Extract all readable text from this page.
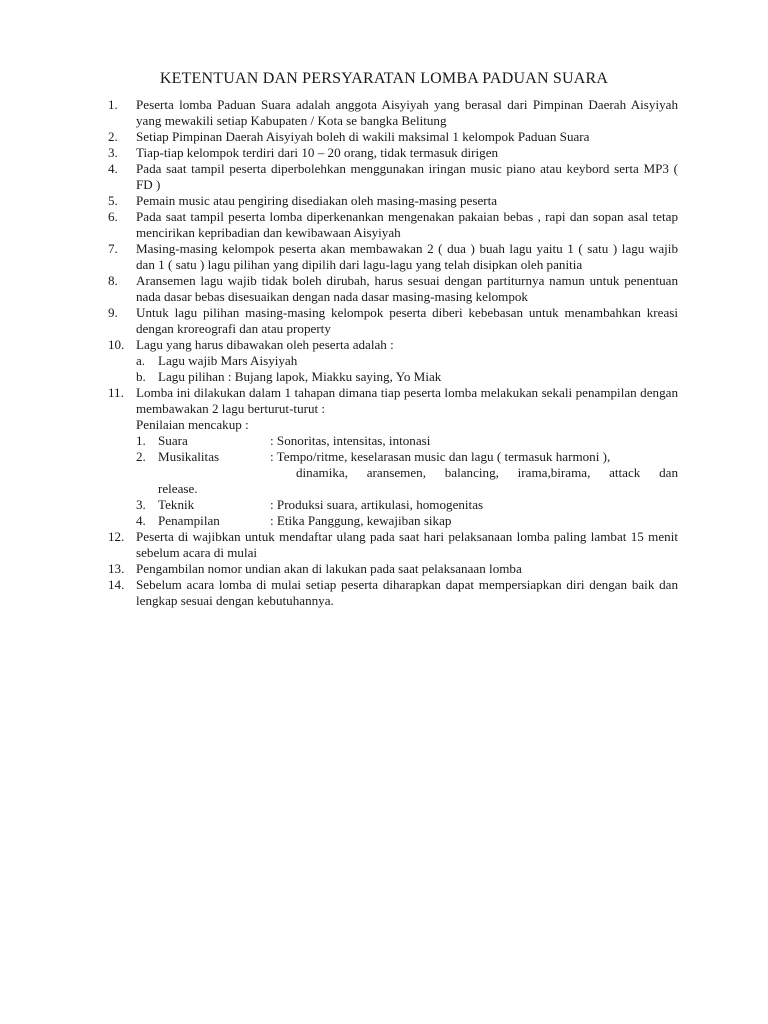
KETENTUAN DAN PERSYARATAN LOMBA PADUAN SUARA
1.	Peserta lomba Paduan Suara adalah anggota Aisyiyah yang berasal dari Pimpinan Daerah Aisyiyah yang mewakili setiap Kabupaten / Kota se bangka Belitung
2.	Setiap Pimpinan Daerah Aisyiyah boleh di wakili maksimal 1 kelompok Paduan Suara
3.	Tiap-tiap kelompok terdiri dari 10 – 20 orang, tidak termasuk dirigen
4.	Pada saat tampil peserta diperbolehkan menggunakan iringan music piano atau keybord serta MP3 ( FD )
5.	Pemain music atau pengiring disediakan oleh masing-masing peserta
6.	Pada saat tampil peserta lomba diperkenankan mengenakan pakaian bebas , rapi dan sopan asal tetap mencirikan kepribadian dan kewibawaan Aisyiyah
7.	Masing-masing kelompok peserta akan membawakan 2 ( dua ) buah lagu yaitu 1 ( satu ) lagu wajib dan 1 ( satu ) lagu pilihan yang dipilih dari lagu-lagu yang telah disipkan oleh panitia
8.	Aransemen lagu wajib tidak boleh dirubah, harus sesuai dengan partiturnya namun untuk penentuan nada dasar bebas disesuaikan dengan nada dasar masing-masing kelompok
9.	Untuk lagu pilihan masing-masing kelompok peserta diberi kebebasan untuk menambahkan kreasi dengan kroreografi dan atau property
10. Lagu yang harus dibawakan oleh peserta adalah :
a. Lagu wajib Mars Aisyiyah
b. Lagu pilihan : Bujang lapok, Miakku saying, Yo Miak
11. Lomba ini dilakukan dalam 1 tahapan dimana tiap peserta lomba melakukan sekali penampilan dengan membawakan 2 lagu berturut-turut :
Penilaian mencakup :
1. Suara	: Sonoritas, intensitas, intonasi
2. Musikalitas	: Tempo/ritme, keselarasan music dan lagu ( termasuk harmoni ),
dinamika, aransemen, balancing, irama,birama, attack dan
release.
3. Teknik	: Produksi suara, artikulasi, homogenitas
4. Penampilan	: Etika Panggung, kewajiban sikap
12. Peserta di wajibkan untuk mendaftar ulang pada saat hari pelaksanaan lomba paling lambat 15 menit sebelum acara di mulai
13. Pengambilan nomor undian akan di lakukan pada saat pelaksanaan lomba
14. Sebelum acara lomba di mulai setiap peserta diharapkan dapat mempersiapkan diri dengan baik dan lengkap sesuai dengan kebutuhannya.
